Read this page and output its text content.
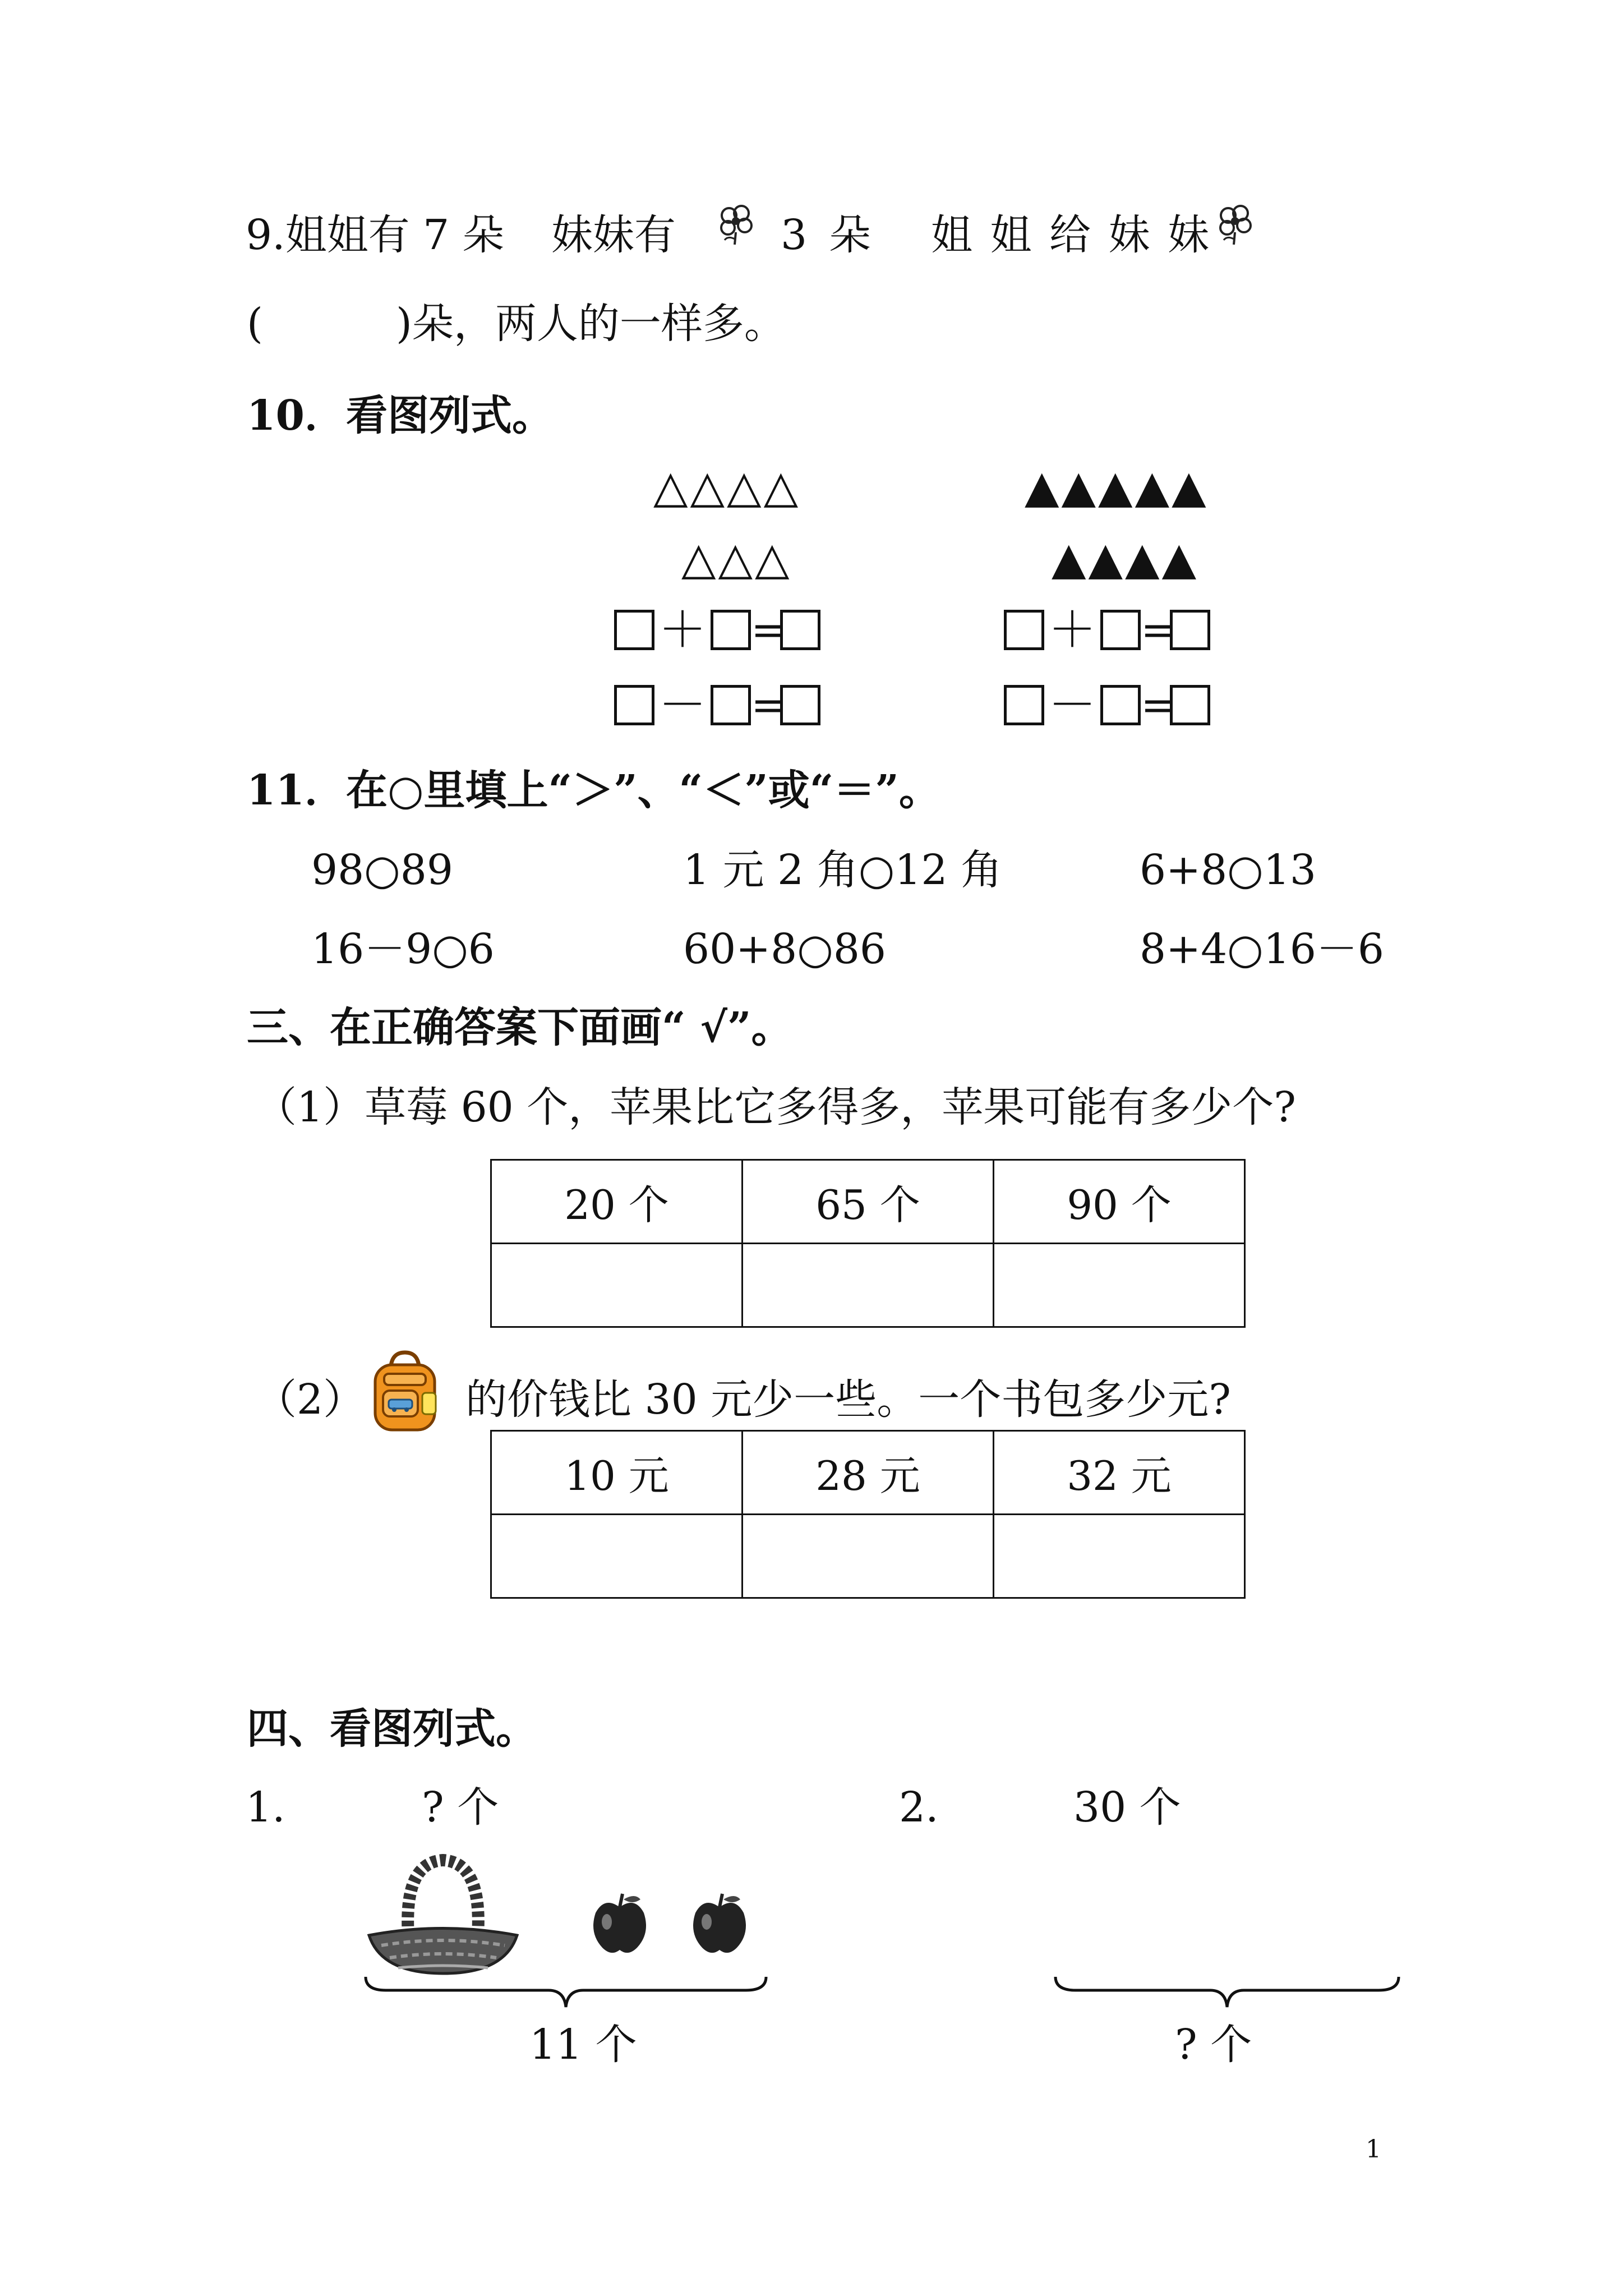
9.姐姐有 7 朵 妹妹有	3 朵 姐 姐 给 妹 妹
(	)朵，两人的一样多。
10．看图列式。
△△△△
△△△
▲▲▲▲▲
▲▲▲▲
＋ =
－ =
＋ =
－ =
11．在○里填上“＞”、“＜”或“＝”。
98○89	1 元 2 角○12 角	6+8○13
16－9○6	60+8○86	8+4○16－6
三、在正确答案下面画“ √”。
（1）草莓 60 个，苹果比它多得多，苹果可能有多少个?
20 个	65 个	90 个

（2） 的价钱比 30 元少一些。一个书包多少元?
10 元	28 元	32 元

四、看图列式。
1.	? 个
11 个
2.	30 个
? 个
1
